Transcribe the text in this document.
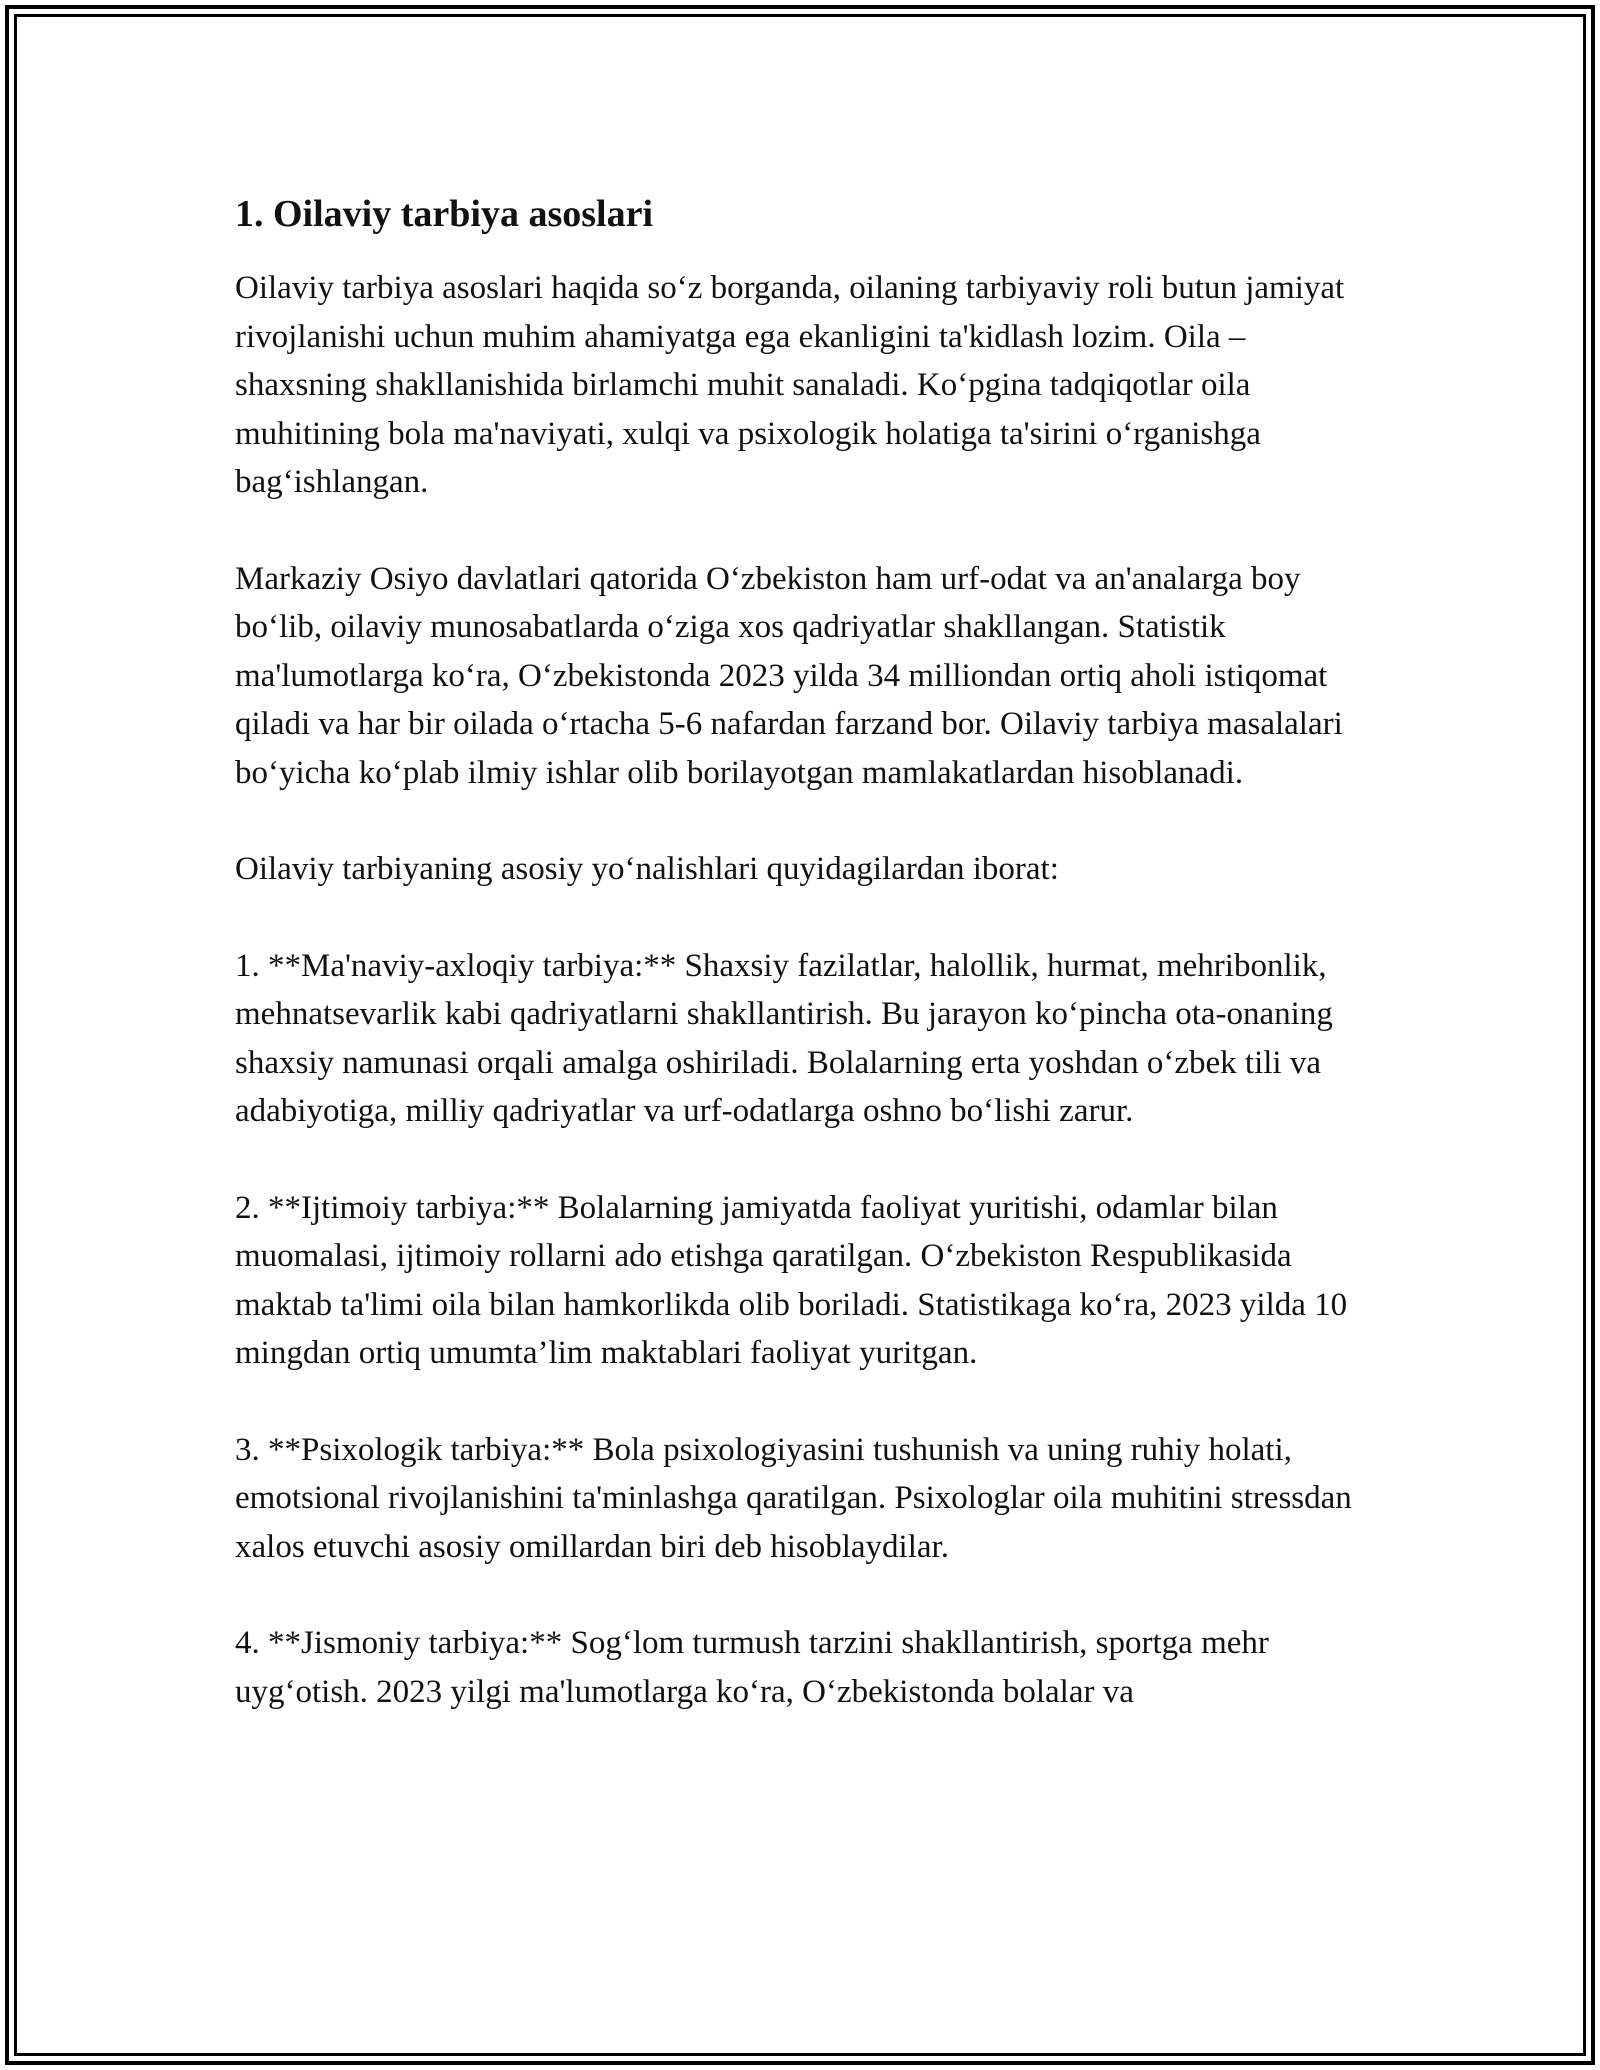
1. Oilaviy tarbiya asoslari

Oilaviy tarbiya asoslari haqida so‘z borganda, oilaning tarbiyaviy roli butun jamiyat rivojlanishi uchun muhim ahamiyatga ega ekanligini ta'kidlash lozim. Oila – shaxsning shakllanishida birlamchi muhit sanaladi. Ko‘pgina tadqiqotlar oila muhitining bola ma'naviyati, xulqi va psixologik holatiga ta'sirini o‘rganishga bag‘ishlangan.

Markaziy Osiyo davlatlari qatorida O‘zbekiston ham urf-odat va an'analarga boy bo‘lib, oilaviy munosabatlarda o‘ziga xos qadriyatlar shakllangan. Statistik ma'lumotlarga ko‘ra, O‘zbekistonda 2023 yilda 34 milliondan ortiq aholi istiqomat qiladi va har bir oilada o‘rtacha 5-6 nafardan farzand bor. Oilaviy tarbiya masalalari bo‘yicha ko‘plab ilmiy ishlar olib borilayotgan mamlakatlardan hisoblanadi.

Oilaviy tarbiyaning asosiy yo‘nalishlari quyidagilardan iborat:

1. **Ma'naviy-axloqiy tarbiya:** Shaxsiy fazilatlar, halollik, hurmat, mehribonlik, mehnatsevarlik kabi qadriyatlarni shakllantirish. Bu jarayon ko‘pincha ota-onaning shaxsiy namunasi orqali amalga oshiriladi. Bolalarning erta yoshdan o‘zbek tili va adabiyotiga, milliy qadriyatlar va urf-odatlarga oshno bo‘lishi zarur.

2. **Ijtimoiy tarbiya:** Bolalarning jamiyatda faoliyat yuritishi, odamlar bilan muomalasi, ijtimoiy rollarni ado etishga qaratilgan. O‘zbekiston Respublikasida maktab ta'limi oila bilan hamkorlikda olib boriladi. Statistikaga ko‘ra, 2023 yilda 10 mingdan ortiq umumta’lim maktablari faoliyat yuritgan.

3. **Psixologik tarbiya:** Bola psixologiyasini tushunish va uning ruhiy holati, emotsional rivojlanishini ta'minlashga qaratilgan. Psixologlar oila muhitini stressdan xalos etuvchi asosiy omillardan biri deb hisoblaydilar.

4. **Jismoniy tarbiya:** Sog‘lom turmush tarzini shakllantirish, sportga mehr uyg‘otish. 2023 yilgi ma'lumotlarga ko‘ra, O‘zbekistonda bolalar va
